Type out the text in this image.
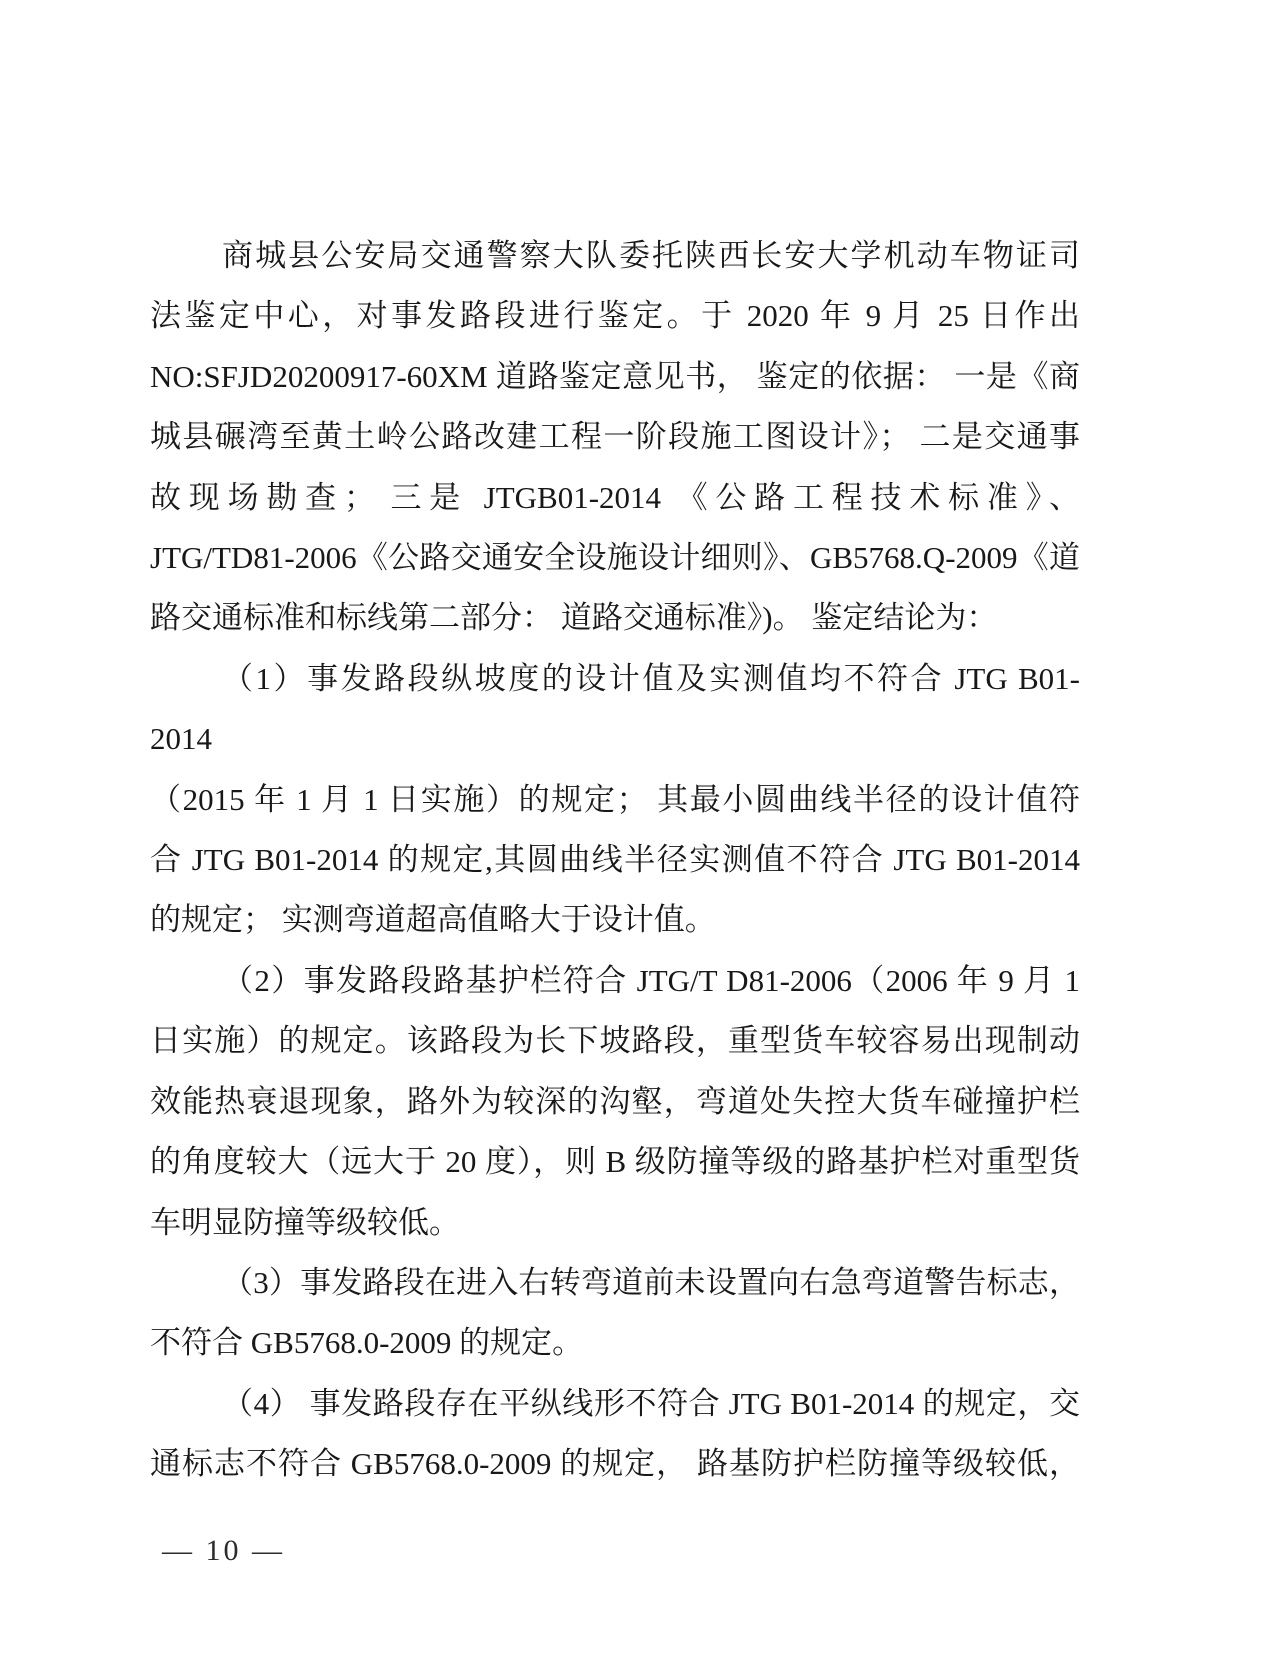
商城县公安局交通警察大队委托陕西长安大学机动车物证司
法鉴定中心，对事发路段进行鉴定。于 2020 年 9 月 25 日作出
NO:SFJD20200917-60XM 道路鉴定意见书， 鉴定的依据： 一是《商
城县碾湾至黄土岭公路改建工程一阶段施工图设计》； 二是交通事
故现场勘查； 三是 JTGB01-2014 《公路工程技术标准》、
JTG/TD81-2006《公路交通安全设施设计细则》、GB5768.Q-2009《道
路交通标准和标线第二部分： 道路交通标准》)。 鉴定结论为：
（1）事发路段纵坡度的设计值及实测值均不符合 JTG B01-2014
（2015 年 1 月 1 日实施）的规定； 其最小圆曲线半径的设计值符
合 JTG B01-2014 的规定,其圆曲线半径实测值不符合 JTG B01-2014
的规定； 实测弯道超高值略大于设计值。
（2）事发路段路基护栏符合 JTG/T D81-2006（2006 年 9 月 1
日实施）的规定。该路段为长下坡路段，重型货车较容易出现制动
效能热衰退现象，路外为较深的沟壑，弯道处失控大货车碰撞护栏
的角度较大（远大于 20 度），则 B 级防撞等级的路基护栏对重型货
车明显防撞等级较低。
（3）事发路段在进入右转弯道前未设置向右急弯道警告标志，
不符合 GB5768.0-2009 的规定。
（4） 事发路段存在平纵线形不符合 JTG B01-2014 的规定，交
通标志不符合 GB5768.0-2009 的规定， 路基防护栏防撞等级较低，
— 10 —
